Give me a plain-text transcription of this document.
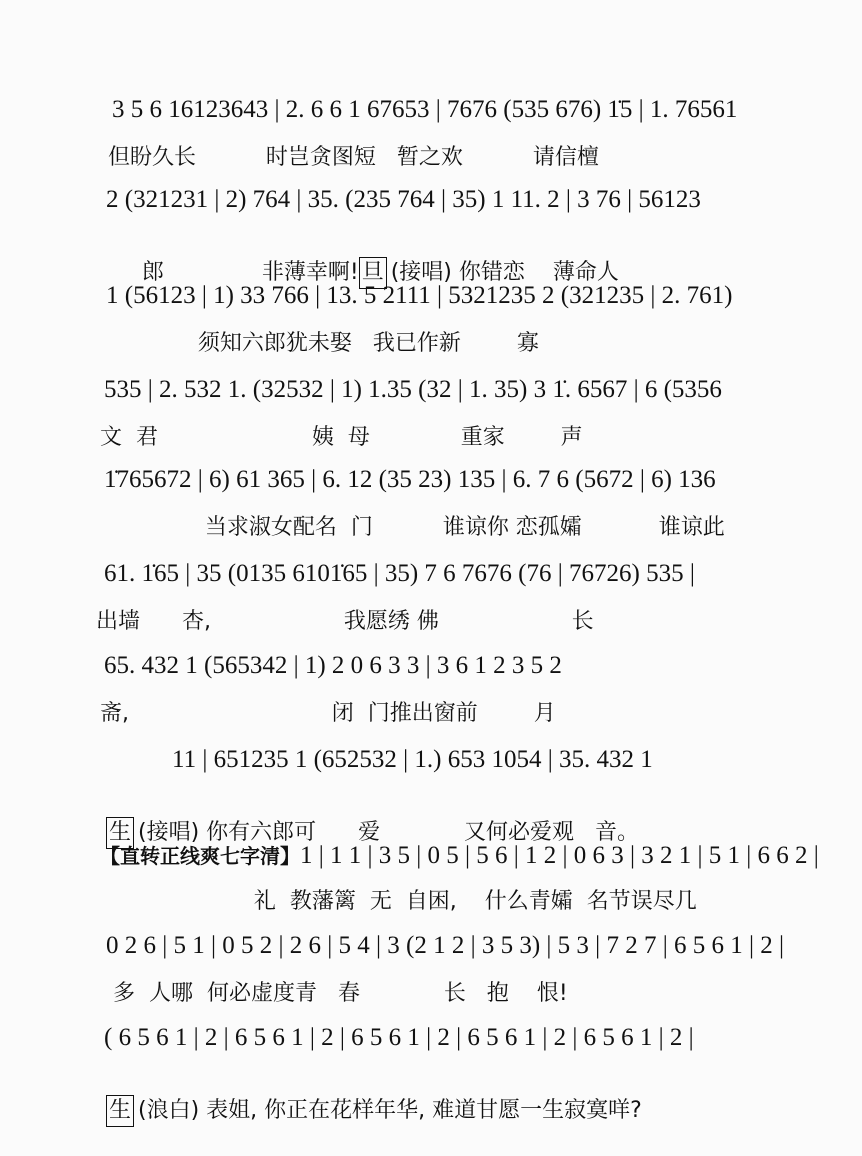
3 5 6 16123643 | 2. 6 6 1 67653 | 7676 (535 676) 1̇5 | 1. 76561
但盼久长          时岂贪图短   暂之欢          请信檀
2 (321231 | 2) 764 | 35. (235 764 | 35) 1 11. 2 | 3 76 | 56123

郎              非薄幸啊! 旦 (接唱) 你错恋    薄命人

1 (56123 | 1) 33 766 | 13. 5 2111 | 5321235 2 (321235 | 2. 761)
须知六郎犹未娶   我已作新        寡
535 | 2. 532 1. (32532 | 1) 1.35 (32 | 1. 35) 3 1̇. 6567 | 6 (5356
文  君                      姨  母             重家        声
1̇765672 | 6) 61 365 | 6. 12 (35 23) 135 | 6. 7 6 (5672 | 6) 136
当求淑女配名  门          谁谅你 恋孤孀           谁谅此
61. 1̇65 | 35 (0135 6101̇65 | 35) 7 6 7676 (76 | 76726) 535 |
出墙      杏,                   我愿绣 佛                   长
65. 432 1 (565342 | 1) 2 0 6 3 3 | 3 6 1 2 3 5 2
斋,                             闭  门推出窗前        月
11 | 651235 1 (652532 | 1.) 653 1054 | 35. 432 1

生 (接唱) 你有六郎可      爱            又何必爱观   音。

【直转正线爽七字清】1 | 1 1 | 3 5 | 0 5 | 5 6 | 1 2 | 0 6 3 | 3 2 1 | 5 1 | 6 6 2 |
礼  教藩篱  无  自困,    什么青孀  名节误尽几
0 2 6 | 5 1 | 0 5 2 | 2 6 | 5 4 | 3 (2 1 2 | 3 5 3) | 5 3 | 7 2 7 | 6 5 6 1 | 2 |
多  人哪  何必虚度青   春            长   抱    恨!
( 6 5 6 1 | 2 | 6 5 6 1 | 2 | 6 5 6 1 | 2 | 6 5 6 1 | 2 | 6 5 6 1 | 2 |

生 (浪白) 表姐, 你正在花样年华, 难道甘愿一生寂寞咩?
